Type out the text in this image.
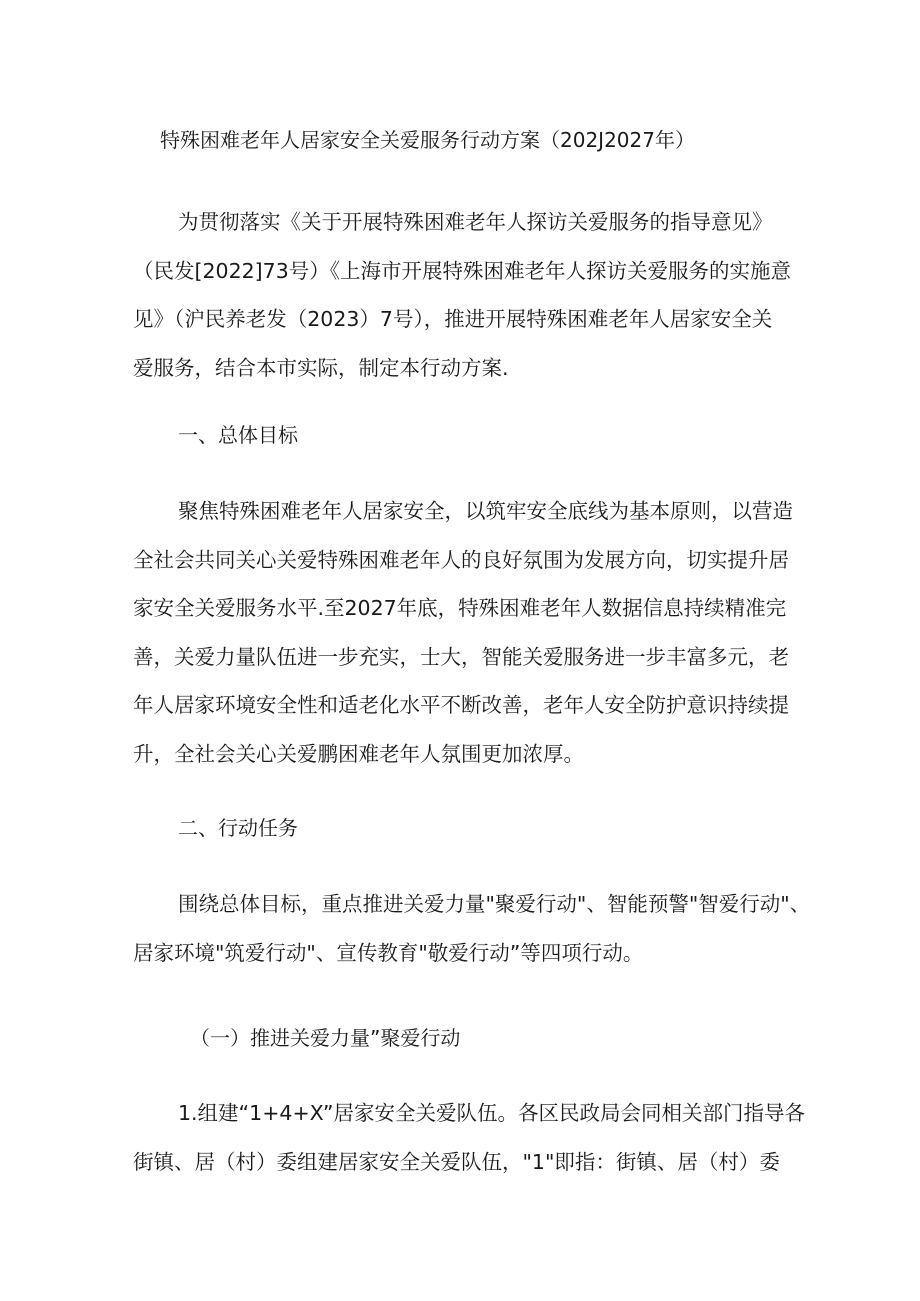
特殊困难老年人居家安全关爱服务行动方案（202J2027年）
为贯彻落实《关于开展特殊困难老年人探访关爱服务的指导意见》
（民发[2022]73号）《上海市开展特殊困难老年人探访关爱服务的实施意
见》（沪民养老发（2023）7号），推进开展特殊困难老年人居家安全关
爱服务，结合本市实际，制定本行动方案.
一、总体目标
聚焦特殊困难老年人居家安全，以筑牢安全底线为基本原则，以营造
全社会共同关心关爱特殊困难老年人的良好氛围为发展方向，切实提升居
家安全关爱服务水平.至2027年底，特殊困难老年人数据信息持续精准完
善，关爱力量队伍进一步充实，士大，智能关爱服务进一步丰富多元，老
年人居家环境安全性和适老化水平不断改善，老年人安全防护意识持续提
升，全社会关心关爱鹏困难老年人氛围更加浓厚。
二、行动任务
围绕总体目标，重点推进关爱力量"聚爱行动"、智能预警"智爱行动"、
居家环境"筑爱行动"、宣传教育"敬爱行动”等四项行动。
（一）推进关爱力量”聚爱行动
1.组建“1+4+X”居家安全关爱队伍。各区民政局会同相关部门指导各
街镇、居（村）委组建居家安全关爱队伍，"1"即指：街镇、居（村）委
